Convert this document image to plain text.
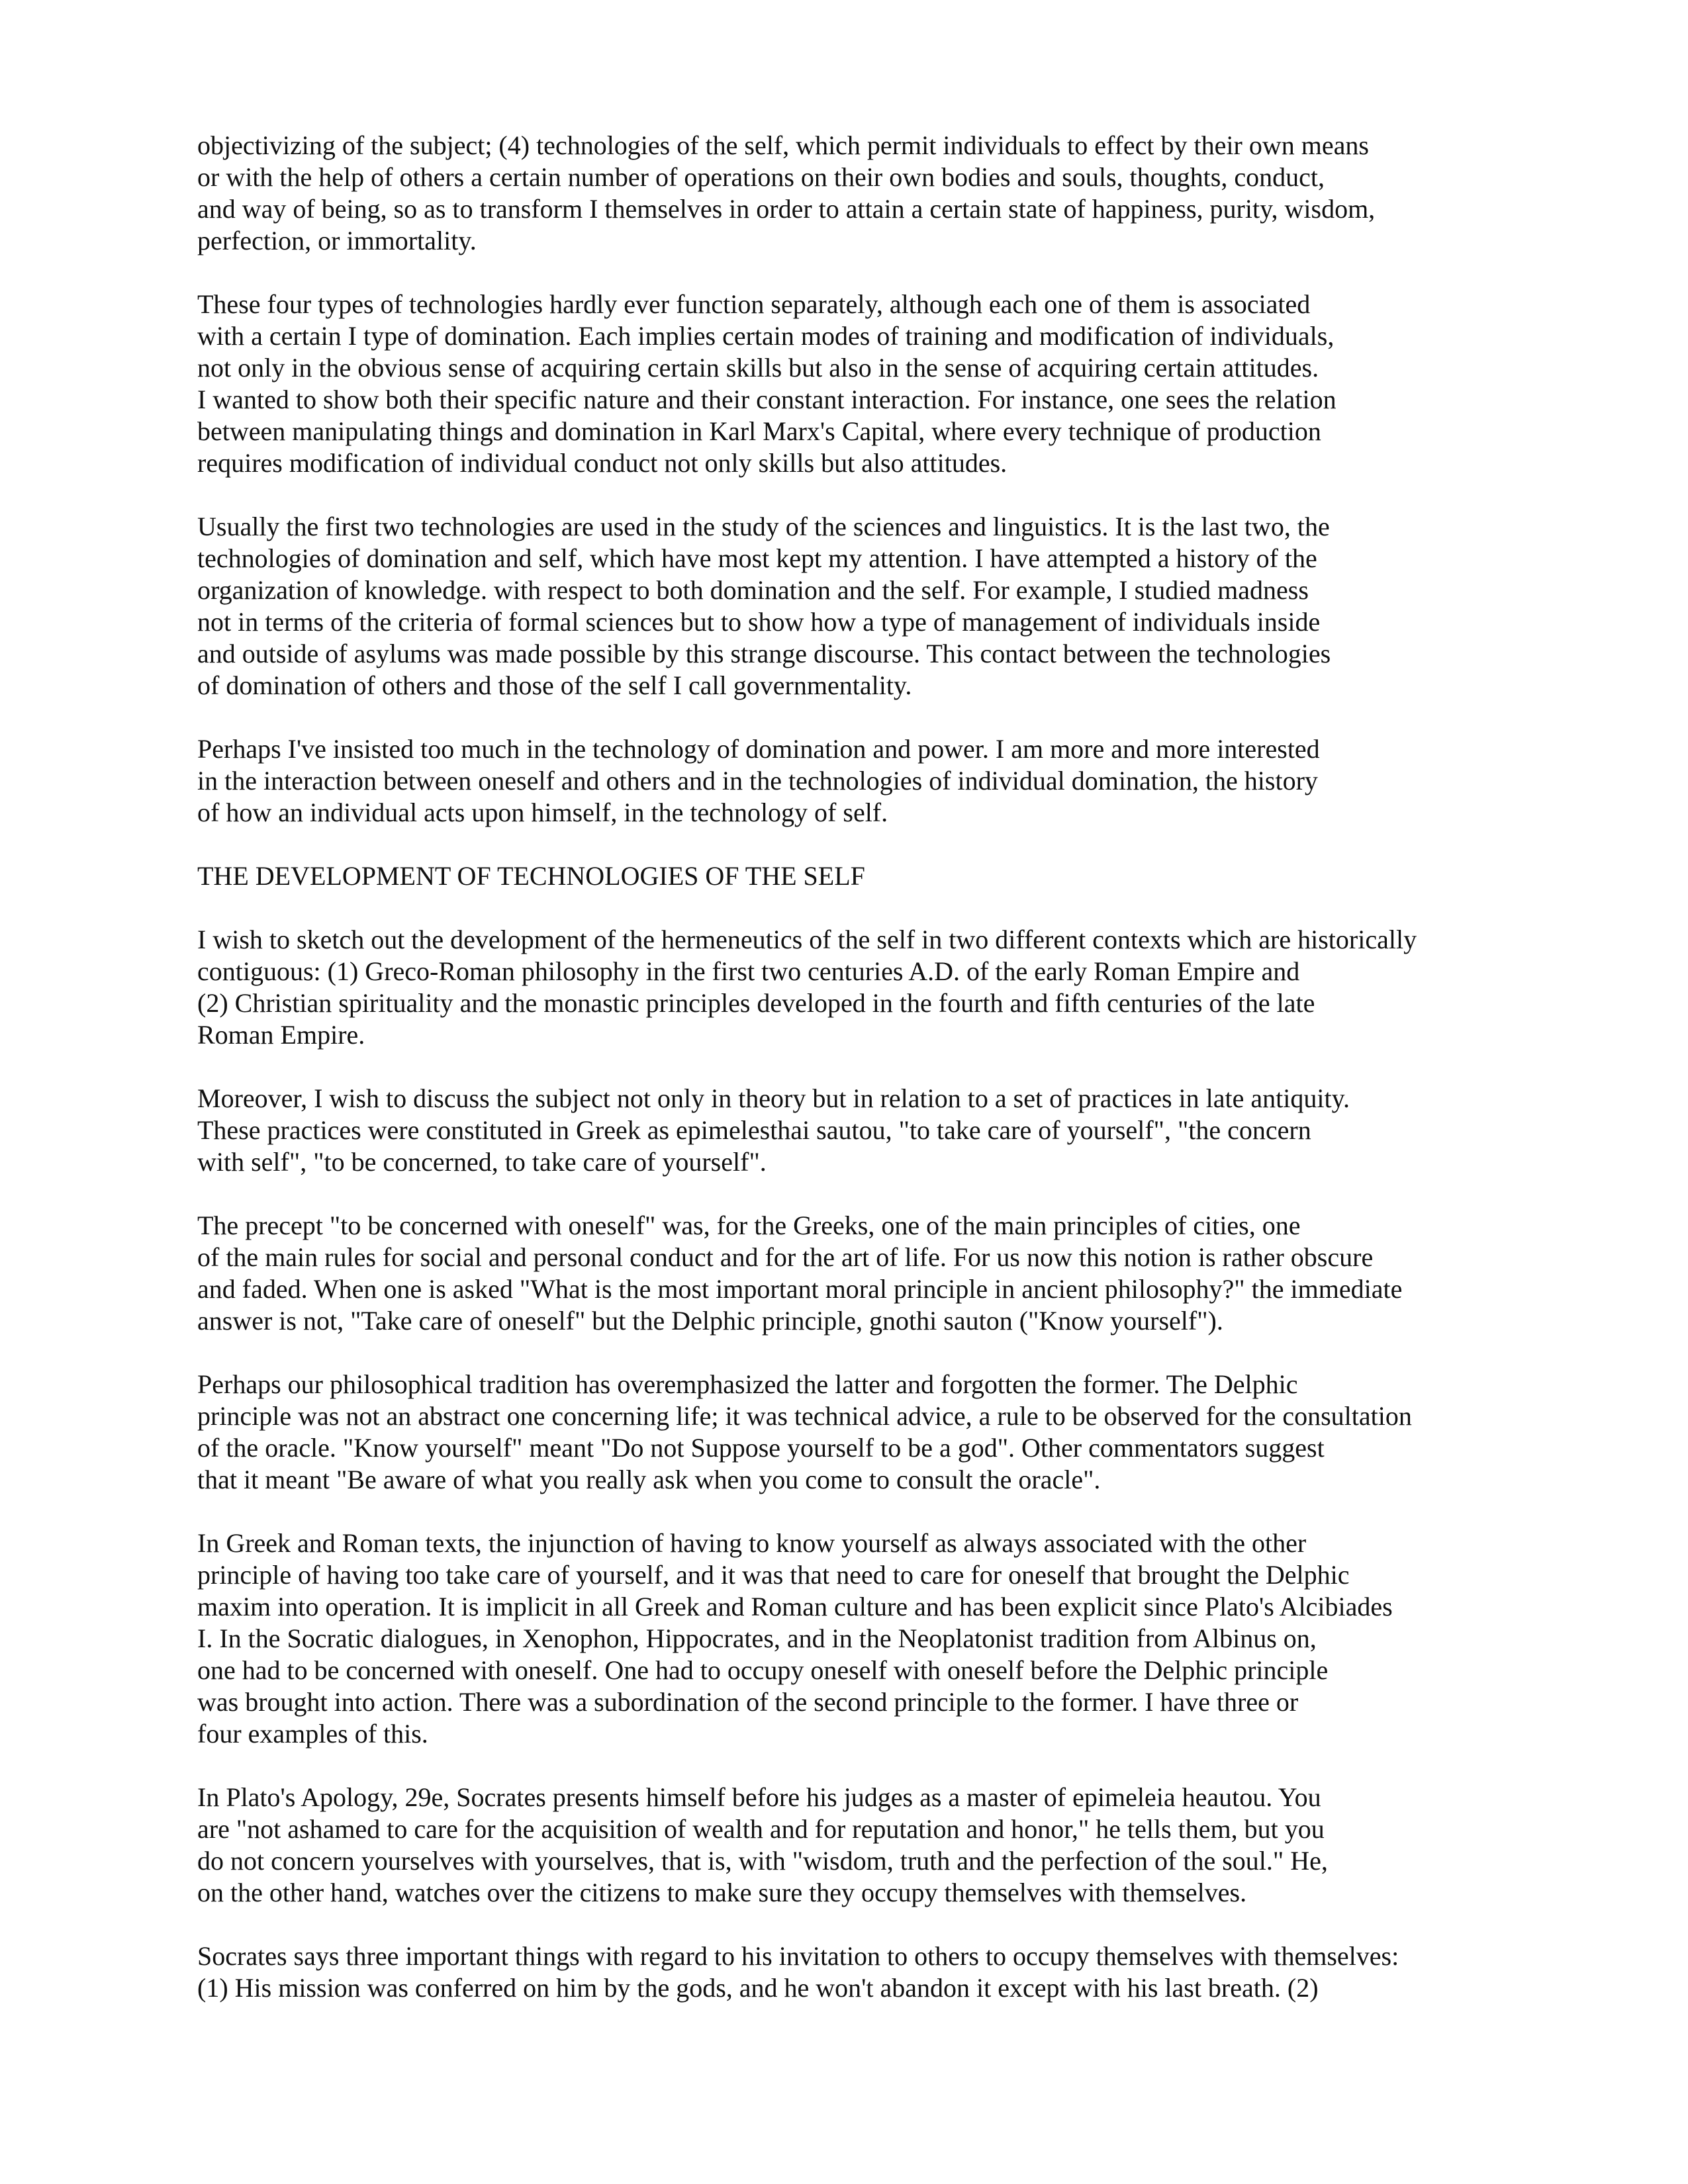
objectivizing of the subject; (4) technologies of the self, which permit individuals to effect by their own means
or with the help of others a certain number of operations on their own bodies and souls, thoughts, conduct,
and way of being, so as to transform I themselves in order to attain a certain state of happiness, purity, wisdom,
perfection, or immortality.
These four types of technologies hardly ever function separately, although each one of them is associated
with a certain I type of domination. Each implies certain modes of training and modification of individuals,
not only in the obvious sense of acquiring certain skills but also in the sense of acquiring certain attitudes.
I wanted to show both their specific nature and their constant interaction. For instance, one sees the relation
between manipulating things and domination in Karl Marx's Capital, where every technique of production
requires modification of individual conduct not only skills but also attitudes.
Usually the first two technologies are used in the study of the sciences and linguistics. It is the last two, the
technologies of domination and self, which have most kept my attention. I have attempted a history of the
organization of knowledge. with respect to both domination and the self. For example, I studied madness
not in terms of the criteria of formal sciences but to show how a type of management of individuals inside
and outside of asylums was made possible by this strange discourse. This contact between the technologies
of domination of others and those of the self I call governmentality.
Perhaps I've insisted too much in the technology of domination and power. I am more and more interested
in the interaction between oneself and others and in the technologies of individual domination, the history
of how an individual acts upon himself, in the technology of self.
THE DEVELOPMENT OF TECHNOLOGIES OF THE SELF
I wish to sketch out the development of the hermeneutics of the self in two different contexts which are historically
contiguous: (1) Greco-Roman philosophy in the first two centuries A.D. of the early Roman Empire and
(2) Christian spirituality and the monastic principles developed in the fourth and fifth centuries of the late
Roman Empire.
Moreover, I wish to discuss the subject not only in theory but in relation to a set of practices in late antiquity.
These practices were constituted in Greek as epimelesthai sautou, "to take care of yourself", "the concern
with self", "to be concerned, to take care of yourself".
The precept "to be concerned with oneself" was, for the Greeks, one of the main principles of cities, one
of the main rules for social and personal conduct and for the art of life. For us now this notion is rather obscure
and faded. When one is asked "What is the most important moral principle in ancient philosophy?" the immediate
answer is not, "Take care of oneself" but the Delphic principle, gnothi sauton ("Know yourself").
Perhaps our philosophical tradition has overemphasized the latter and forgotten the former. The Delphic
principle was not an abstract one concerning life; it was technical advice, a rule to be observed for the consultation
of the oracle. "Know yourself" meant "Do not Suppose yourself to be a god". Other commentators suggest
that it meant "Be aware of what you really ask when you come to consult the oracle".
In Greek and Roman texts, the injunction of having to know yourself as always associated with the other
principle of having too take care of yourself, and it was that need to care for oneself that brought the Delphic
maxim into operation. It is implicit in all Greek and Roman culture and has been explicit since Plato's Alcibiades
I. In the Socratic dialogues, in Xenophon, Hippocrates, and in the Neoplatonist tradition from Albinus on,
one had to be concerned with oneself. One had to occupy oneself with oneself before the Delphic principle
was brought into action. There was a subordination of the second principle to the former. I have three or
four examples of this.
In Plato's Apology, 29e, Socrates presents himself before his judges as a master of epimeleia heautou. You
are "not ashamed to care for the acquisition of wealth and for reputation and honor," he tells them, but you
do not concern yourselves with yourselves, that is, with "wisdom, truth and the perfection of the soul." He,
on the other hand, watches over the citizens to make sure they occupy themselves with themselves.
Socrates says three important things with regard to his invitation to others to occupy themselves with themselves:
(1) His mission was conferred on him by the gods, and he won't abandon it except with his last breath. (2)
